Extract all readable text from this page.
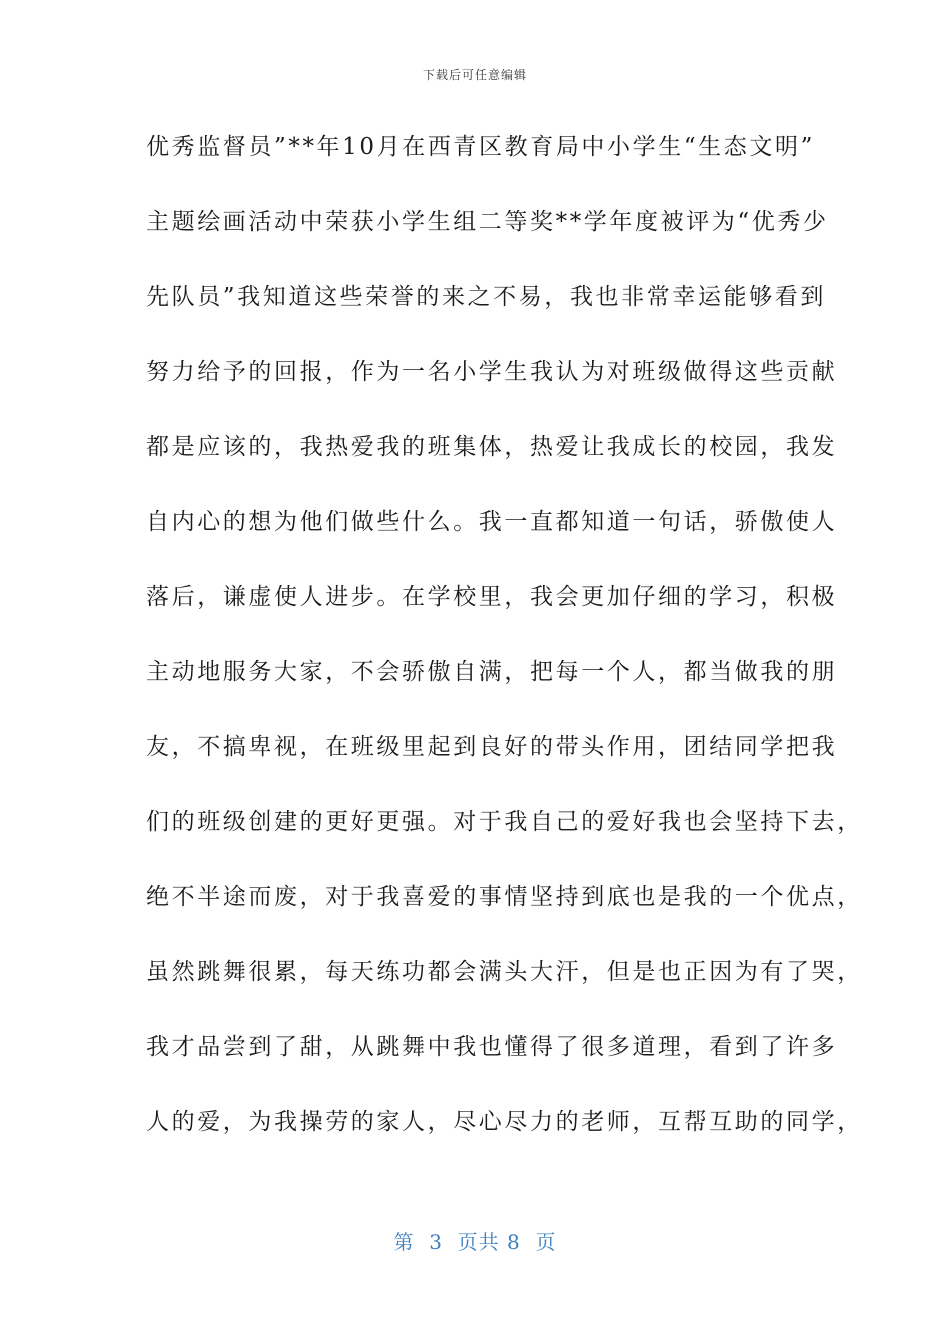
下载后可任意编辑
优秀监督员”**年10月在西青区教育局中小学生“生态文明”
主题绘画活动中荣获小学生组二等奖**学年度被评为“优秀少
先队员”我知道这些荣誉的来之不易，我也非常幸运能够看到
努力给予的回报，作为一名小学生我认为对班级做得这些贡献
都是应该的，我热爱我的班集体，热爱让我成长的校园，我发
自内心的想为他们做些什么。我一直都知道一句话，骄傲使人
落后，谦虚使人进步。在学校里，我会更加仔细的学习，积极
主动地服务大家，不会骄傲自满，把每一个人，都当做我的朋
友，不搞卑视，在班级里起到良好的带头作用，团结同学把我
们的班级创建的更好更强。对于我自己的爱好我也会坚持下去，
绝不半途而废，对于我喜爱的事情坚持到底也是我的一个优点，
虽然跳舞很累，每天练功都会满头大汗，但是也正因为有了哭，
我才品尝到了甜，从跳舞中我也懂得了很多道理，看到了许多
人的爱，为我操劳的家人，尽心尽力的老师，互帮互助的同学，
第  3  页共 8  页
